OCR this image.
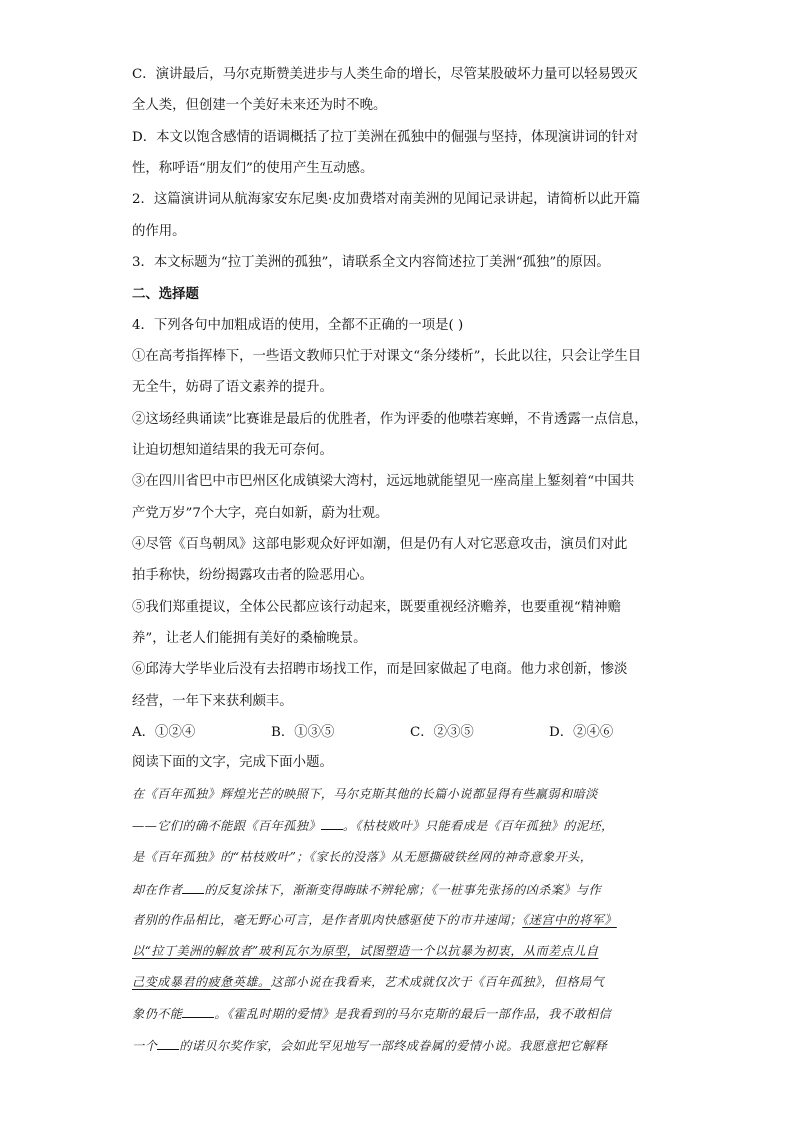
C．演讲最后，马尔克斯赞美进步与人类生命的增长，尽管某股破坏力量可以轻易毁灭
全人类，但创建一个美好未来还为时不晚。
D．本文以饱含感情的语调概括了拉丁美洲在孤独中的倔强与坚持，体现演讲词的针对
性，称呼语“朋友们”的使用产生互动感。
2．这篇演讲词从航海家安东尼奥·皮加费塔对南美洲的见闻记录讲起，请简析以此开篇
的作用。
3．本文标题为“拉丁美洲的孤独”，请联系全文内容简述拉丁美洲“孤独”的原因。
二、选择题
4．下列各句中加粗成语的使用，全都不正确的一项是( )
①在高考指挥棒下，一些语文教师只忙于对课文“条分缕析”，长此以往，只会让学生目
无全牛，妨碍了语文素养的提升。
②这场经典诵读”比赛谁是最后的优胜者，作为评委的他噤若寒蝉，不肯透露一点信息，
让迫切想知道结果的我无可奈何。
③在四川省巴中市巴州区化成镇梁大湾村，远远地就能望见一座高崖上錾刻着“中国共
产党万岁”7个大字，亮白如新，蔚为壮观。
④尽管《百鸟朝凤》这部电影观众好评如潮，但是仍有人对它恶意攻击，演员们对此
拍手称快，纷纷揭露攻击者的险恶用心。
⑤我们郑重提议，全体公民都应该行动起来，既要重视经济赡养，也要重视“精神赡
养”，让老人们能拥有美好的桑榆晚景。
⑥邱涛大学毕业后没有去招聘市场找工作，而是回家做起了电商。他力求创新，惨淡
经营，一年下来获利颇丰。
A．①②④	B．①③⑤	C．②③⑤	D．②④⑥
阅读下面的文字，完成下面小题。
在《百年孤独》辉煌光芒的映照下，马尔克斯其他的长篇小说都显得有些羸弱和暗淡
——它们的确不能跟《百年孤独》 。《枯枝败叶》只能看成是《百年孤独》的泥坯，
是《百年孤独》的“枯枝败叶”；《家长的没落》从无愿撕破铁丝网的神奇意象开头，
却在作者 的反复涂抹下，渐渐变得晦昧不辨轮廓；《一桩事先张扬的凶杀案》与作
者别的作品相比，毫无野心可言，是作者肌肉快感驱使下的市井速闻；《迷宫中的将军》
以“拉丁美洲的解放者”玻利瓦尔为原型，试图塑造一个以抗暴为初衷，从而差点儿自
己变成暴君的疲惫英雄。这部小说在我看来，艺术成就仅次于《百年孤独》，但格局气
象仍不能	。《霍乱时期的爱情》是我看到的马尔克斯的最后一部作品，我不敢相信
一个 的诺贝尔奖作家，会如此罕见地写一部终成眷属的爱情小说。我愿意把它解释
